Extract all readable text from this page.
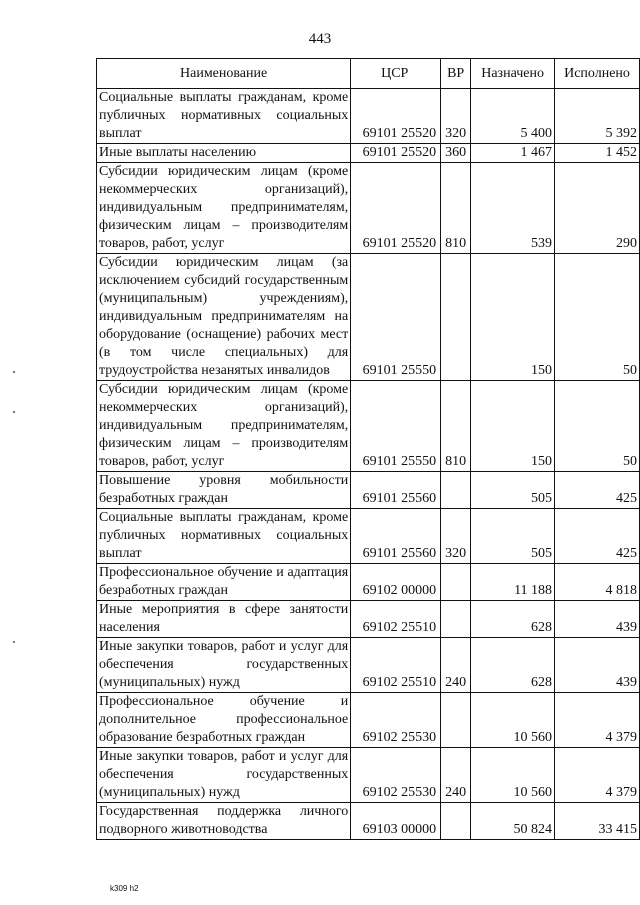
443
Наименование	ЦСР	ВР	Назначено	Исполнено
Социальные выплаты гражданам, кроме публичных нормативных социальных выплат	69101 25520	320	5 400	5 392
Иные выплаты населению	69101 25520	360	1 467	1 452
Субсидии юридическим лицам (кроме некоммерческих организаций), индивидуальным предпринимателям, физическим лицам – производителям товаров, работ, услуг	69101 25520	810	539	290
Субсидии юридическим лицам (за исключением субсидий государственным (муниципальным) учреждениям), индивидуальным предпринимателям на оборудование (оснащение) рабочих мест (в том числе специальных) для трудоустройства незанятых инвалидов	69101 25550		150	50
Субсидии юридическим лицам (кроме некоммерческих организаций), индивидуальным предпринимателям, физическим лицам – производителям товаров, работ, услуг	69101 25550	810	150	50
Повышение уровня мобильности безработных граждан	69101 25560		505	425
Социальные выплаты гражданам, кроме публичных нормативных социальных выплат	69101 25560	320	505	425
Профессиональное обучение и адаптация безработных граждан	69102 00000		11 188	4 818
Иные мероприятия в сфере занятости населения	69102 25510		628	439
Иные закупки товаров, работ и услуг для обеспечения государственных (муниципальных) нужд	69102 25510	240	628	439
Профессиональное обучение и дополнительное профессиональное образование безработных граждан	69102 25530		10 560	4 379
Иные закупки товаров, работ и услуг для обеспечения государственных (муниципальных) нужд	69102 25530	240	10 560	4 379
Государственная поддержка личного подворного животноводства	69103 00000		50 824	33 415
k309 h2
